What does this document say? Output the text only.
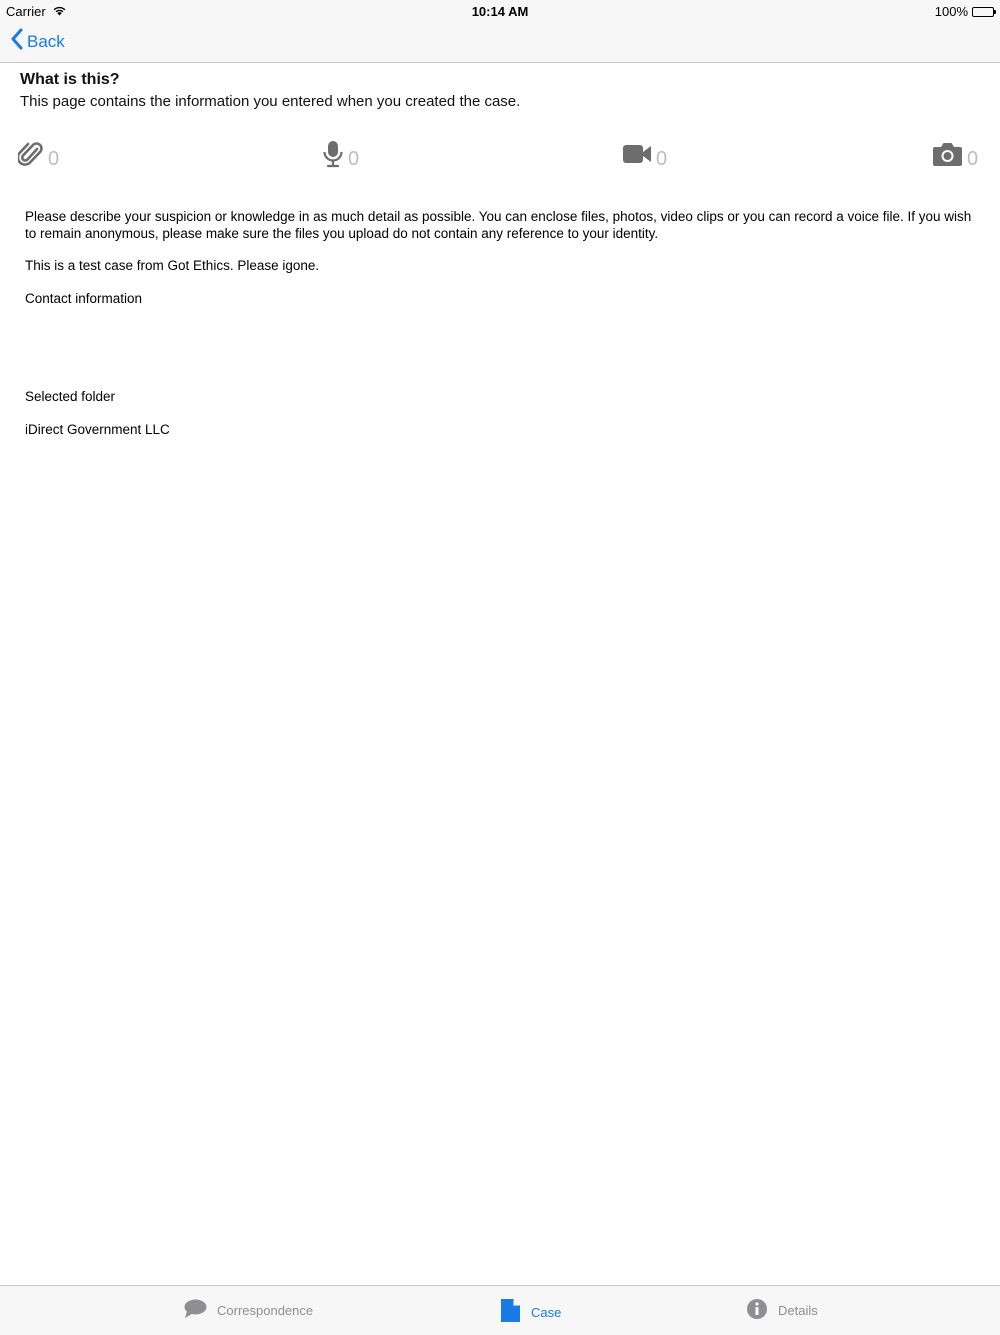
Carrier	10:14 AM	100%
Back
What is this?
This page contains the information you entered when you created the case.
0	0	0	0
Please describe your suspicion or knowledge in as much detail as possible. You can enclose files, photos, video clips or you can record a voice file. If you wish to remain anonymous, please make sure the files you upload do not contain any reference to your identity.
This is a test case from Got Ethics. Please igone.
Contact information
Selected folder
iDirect Government LLC
Correspondence	Case	Details
